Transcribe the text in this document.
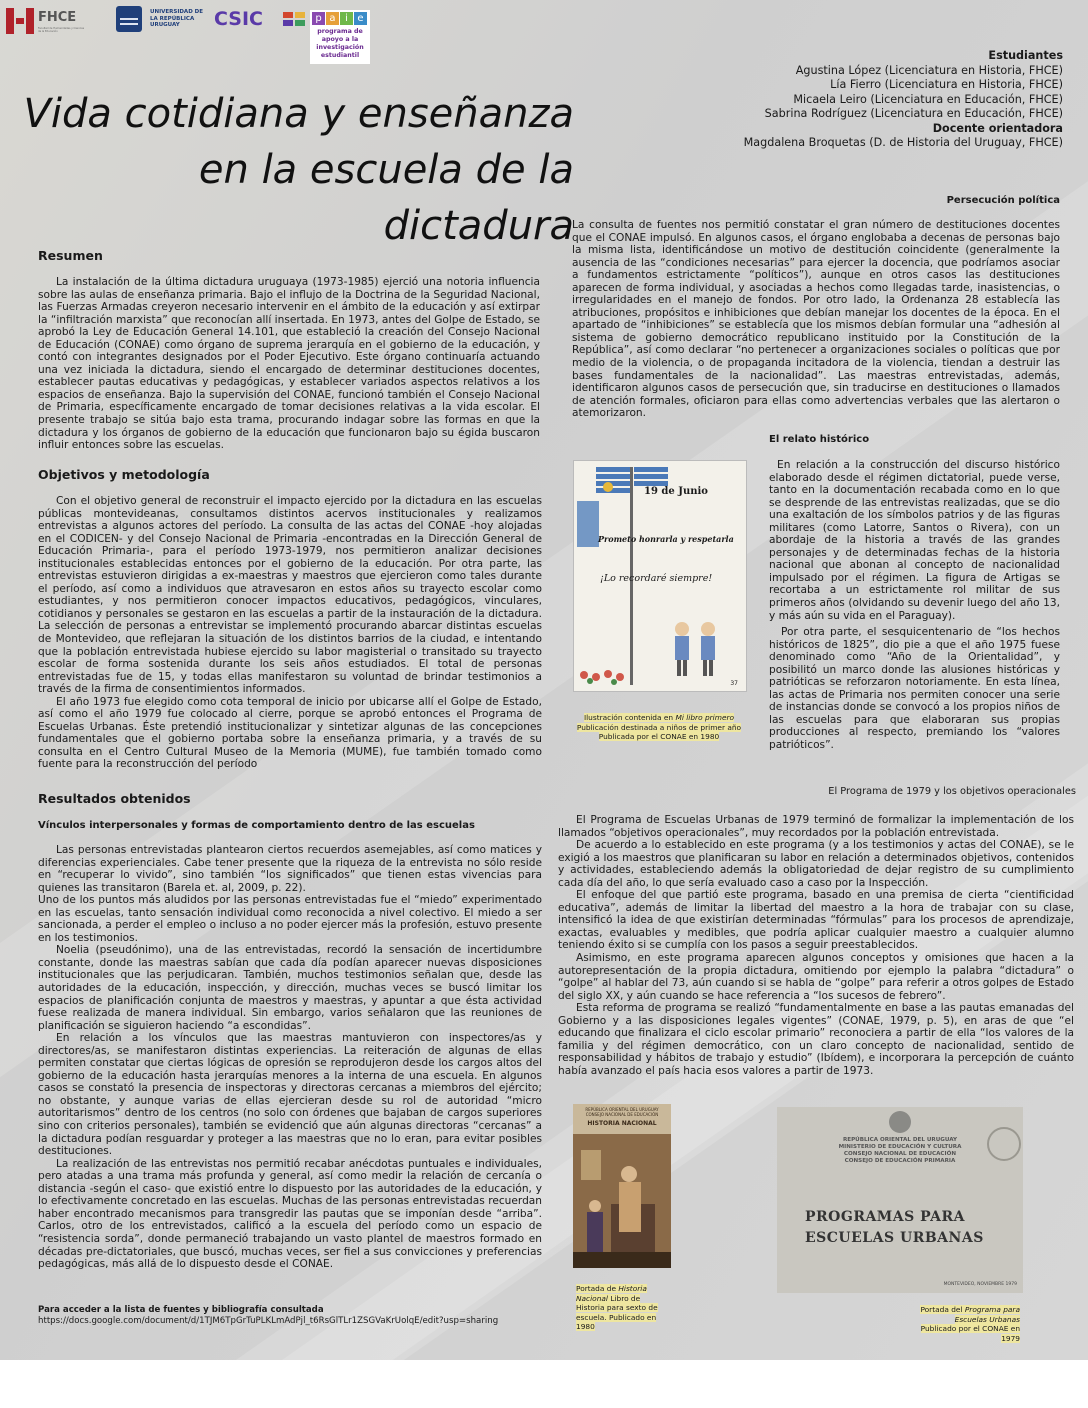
FHCE
Facultad de Humanidades y Ciencias de la Educación
UNIVERSIDAD DE LA REPÚBLICA URUGUAY	CSIC	p a i e
programa de apoyo a la investigación estudiantil
Vida cotidiana y enseñanza
en la escuela de la dictadura
Estudiantes
Agustina López (Licenciatura en Historia, FHCE)
Lía Fierro (Licenciatura en Historia, FHCE)
Micaela Leiro (Licenciatura en Educación, FHCE)
Sabrina Rodríguez (Licenciatura en Educación, FHCE)
Docente orientadora
Magdalena Broquetas (D. de Historia del Uruguay, FHCE)
Resumen

La instalación de la última dictadura uruguaya (1973-1985) ejerció una notoria influencia sobre las aulas de enseñanza primaria. Bajo el influjo de la Doctrina de la Seguridad Nacional, las Fuerzas Armadas creyeron necesario intervenir en el ámbito de la educación y así extirpar la “infiltración marxista” que reconocían allí insertada. En 1973, antes del Golpe de Estado, se aprobó la Ley de Educación General 14.101, que estableció la creación del Consejo Nacional de Educación (CONAE) como órgano de suprema jerarquía en el gobierno de la educación, y contó con integrantes designados por el Poder Ejecutivo. Este órgano continuaría actuando una vez iniciada la dictadura, siendo el encargado de determinar destituciones docentes, establecer pautas educativas y pedagógicas, y establecer variados aspectos relativos a los espacios de enseñanza. Bajo la supervisión del CONAE, funcionó también el Consejo Nacional de Primaria, específicamente encargado de tomar decisiones relativas a la vida escolar. El presente trabajo se sitúa bajo esta trama, procurando indagar sobre las formas en que la dictadura y los órganos de gobierno de la educación que funcionaron bajo su égida buscaron influir entonces sobre las escuelas.

Objetivos y metodología

Con el objetivo general de reconstruir el impacto ejercido por la dictadura en las escuelas públicas montevideanas, consultamos distintos acervos institucionales y realizamos entrevistas a algunos actores del período. La consulta de las actas del CONAE -hoy alojadas en el CODICEN- y del Consejo Nacional de Primaria -encontradas en la Dirección General de Educación Primaria-, para el período 1973-1979, nos permitieron analizar decisiones institucionales establecidas entonces por el gobierno de la educación. Por otra parte, las entrevistas estuvieron dirigidas a ex-maestras y maestros que ejercieron como tales durante el período, así como a individuos que atravesaron en estos años su trayecto escolar como estudiantes, y nos permitieron conocer impactos educativos, pedagógicos, vinculares, cotidianos y personales se gestaron en las escuelas a partir de la instauración de la dictadura. La selección de personas a entrevistar se implementó procurando abarcar distintas escuelas de Montevideo, que reflejaran la situación de los distintos barrios de la ciudad, e intentando que la población entrevistada hubiese ejercido su labor magisterial o transitado su trayecto escolar de forma sostenida durante los seis años estudiados. El total de personas entrevistadas fue de 15, y todas ellas manifestaron su voluntad de brindar testimonios a través de la firma de consentimientos informados.

El año 1973 fue elegido como cota temporal de inicio por ubicarse allí el Golpe de Estado, así como el año 1979 fue colocado al cierre, porque se aprobó entonces el Programa de Escuelas Urbanas. Éste pretendió institucionalizar y sintetizar algunas de las concepciones fundamentales que el gobierno portaba sobre la enseñanza primaria, y a través de su consulta en el Centro Cultural Museo de la Memoria (MUME), fue también tomado como fuente para la reconstrucción del período

Resultados obtenidos
Vínculos interpersonales y formas de comportamiento dentro de las escuelas

Las personas entrevistadas plantearon ciertos recuerdos asemejables, así como matices y diferencias experienciales. Cabe tener presente que la riqueza de la entrevista no sólo reside en “recuperar lo vivido”, sino también “los significados” que tienen estas vivencias para quienes las transitaron (Barela et. al, 2009, p. 22).

Uno de los puntos más aludidos por las personas entrevistadas fue el “miedo” experimentado en las escuelas, tanto sensación individual como reconocida a nivel colectivo. El miedo a ser sancionada, a perder el empleo o incluso a no poder ejercer más la profesión, estuvo presente en los testimonios.

Noelia (pseudónimo), una de las entrevistadas, recordó la sensación de incertidumbre constante, donde las maestras sabían que cada día podían aparecer nuevas disposiciones institucionales que las perjudicaran. También, muchos testimonios señalan que, desde las autoridades de la educación, inspección, y dirección, muchas veces se buscó limitar los espacios de planificación conjunta de maestros y maestras, y apuntar a que ésta actividad fuese realizada de manera individual. Sin embargo, varios señalaron que las reuniones de planificación se siguieron haciendo “a escondidas”.

En relación a los vínculos que las maestras mantuvieron con inspectores/as y directores/as, se manifestaron distintas experiencias. La reiteración de algunas de ellas permiten constatar que ciertas lógicas de opresión se reprodujeron desde los cargos altos del gobierno de la educación hasta jerarquías menores a la interna de una escuela. En algunos casos se constató la presencia de inspectoras y directoras cercanas a miembros del ejército; no obstante, y aunque varias de ellas ejercieran desde su rol de autoridad “micro autoritarismos” dentro de los centros (no solo con órdenes que bajaban de cargos superiores sino con criterios personales), también se evidenció que aún algunas directoras “cercanas” a la dictadura podían resguardar y proteger a las maestras que no lo eran, para evitar posibles destituciones.

La realización de las entrevistas nos permitió recabar anécdotas puntuales e individuales, pero atadas a una trama más profunda y general, así como medir la relación de cercanía o distancia -según el caso- que existió entre lo dispuesto por las autoridades de la educación, y lo efectivamente concretado en las escuelas. Muchas de las personas entrevistadas recuerdan haber encontrado mecanismos para transgredir las pautas que se imponían desde “arriba”. Carlos, otro de los entrevistados, calificó a la escuela del período como un espacio de “resistencia sorda”, donde permaneció trabajando un vasto plantel de maestros formado en décadas pre-dictatoriales, que buscó, muchas veces, ser fiel a sus convicciones y preferencias pedagógicas, más allá de lo dispuesto desde el CONAE.

Para acceder a la lista de fuentes y bibliografía consultada
https://docs.google.com/document/d/1TJM6TpGrTuPLKLmAdPjl_t6RsGlTLr1ZSGVaKrUolqE/edit?usp=sharing
Persecución política

La consulta de fuentes nos permitió constatar el gran número de destituciones docentes que el CONAE impulsó. En algunos casos, el órgano englobaba a decenas de personas bajo la misma lista, identificándose un motivo de destitución coincidente (generalmente la ausencia de las “condiciones necesarias” para ejercer la docencia, que podríamos asociar a fundamentos estrictamente “políticos”), aunque en otros casos las destituciones aparecen de forma individual, y asociadas a hechos como llegadas tarde, inasistencias, o irregularidades en el manejo de fondos. Por otro lado, la Ordenanza 28 establecía las atribuciones, propósitos e inhibiciones que debían manejar los docentes de la época. En el apartado de “inhibiciones” se establecía que los mismos debían formular una “adhesión al sistema de gobierno democrático republicano instituido por la Constitución de la República”, así como declarar “no pertenecer a organizaciones sociales o políticas que por medio de la violencia, o de propaganda incitadora de la violencia, tiendan a destruir las bases fundamentales de la nacionalidad”. Las maestras entrevistadas, además, identificaron algunos casos de persecución que, sin traducirse en destituciones o llamados de atención formales, oficiaron para ellas como advertencias verbales que las alertaron o atemorizaron.

19 de Junio
Prometo honrarla y respetarla
¡Lo recordaré siempre!
37
Ilustración contenida en Mi libro primero Publicación destinada a niños de primer año Publicada por el CONAE en 1980
El relato histórico

En relación a la construcción del discurso histórico elaborado desde el régimen dictatorial, puede verse, tanto en la documentación recabada como en lo que se desprende de las entrevistas realizadas, que se dio una exaltación de los símbolos patrios y de las figuras militares (como Latorre, Santos o Rivera), con un abordaje de la historia a través de las grandes personajes y de determinadas fechas de la historia nacional que abonan al concepto de nacionalidad impulsado por el régimen. La figura de Artigas se recortaba a un estrictamente rol militar de sus primeros años (olvidando su devenir luego del año 13, y más aún su vida en el Paraguay).

Por otra parte, el sesquicentenario de “los hechos históricos de 1825”, dio pie a que el año 1975 fuese denominado como “Año de la Orientalidad”, y posibilitó un marco donde las alusiones históricas y patrióticas se reforzaron notoriamente. En esta línea, las actas de Primaria nos permiten conocer una serie de instancias donde se convocó a los propios niños de las escuelas para que elaboraran sus propias producciones al respecto, premiando los “valores patrióticos”.

El Programa de 1979 y los objetivos operacionales

El Programa de Escuelas Urbanas de 1979 terminó de formalizar la implementación de los llamados “objetivos operacionales”, muy recordados por la población entrevistada.

De acuerdo a lo establecido en este programa (y a los testimonios y actas del CONAE), se le exigió a los maestros que planificaran su labor en relación a determinados objetivos, contenidos y actividades, estableciendo además la obligatoriedad de dejar registro de su cumplimiento cada día del año, lo que sería evaluado caso a caso por la Inspección.

El enfoque del que partió este programa, basado en una premisa de cierta “cientificidad educativa”, además de limitar la libertad del maestro a la hora de trabajar con su clase, intensificó la idea de que existirían determinadas “fórmulas” para los procesos de aprendizaje, exactas, evaluables y medibles, que podría aplicar cualquier maestro a cualquier alumno teniendo éxito si se cumplía con los pasos a seguir preestablecidos.

Asimismo, en este programa aparecen algunos conceptos y omisiones que hacen a la autorepresentación de la propia dictadura, omitiendo por ejemplo la palabra “dictadura” o “golpe” al hablar del 73, aún cuando si se habla de “golpe” para referir a otros golpes de Estado del siglo XX, y aún cuando se hace referencia a “los sucesos de febrero”.

Esta reforma de programa se realizó “fundamentalmente en base a las pautas emanadas del Gobierno y a las disposiciones legales vigentes” (CONAE, 1979, p. 5), en aras de que “el educando que finalizara el ciclo escolar primario” reconociera a partir de ella “los valores de la familia y del régimen democrático, con un claro concepto de nacionalidad, sentido de responsabilidad y hábitos de trabajo y estudio” (Ibídem), e incorporara la percepción de cuánto había avanzado el país hacia esos valores a partir de 1973.

REPÚBLICA ORIENTAL DEL URUGUAY CONSEJO NACIONAL DE EDUCACIÓN
HISTORIA NACIONAL
Portada de Historia Nacional Libro de Historia para sexto de escuela. Publicado en 1980
REPÚBLICA ORIENTAL DEL URUGUAY
MINISTERIO DE EDUCACIÓN Y CULTURA
CONSEJO NACIONAL DE EDUCACIÓN
CONSEJO DE EDUCACIÓN PRIMARIA
PROGRAMAS PARA
ESCUELAS URBANAS
MONTEVIDEO, NOVIEMBRE 1979
Portada del Programa para Escuelas Urbanas Publicado por el CONAE en 1979
